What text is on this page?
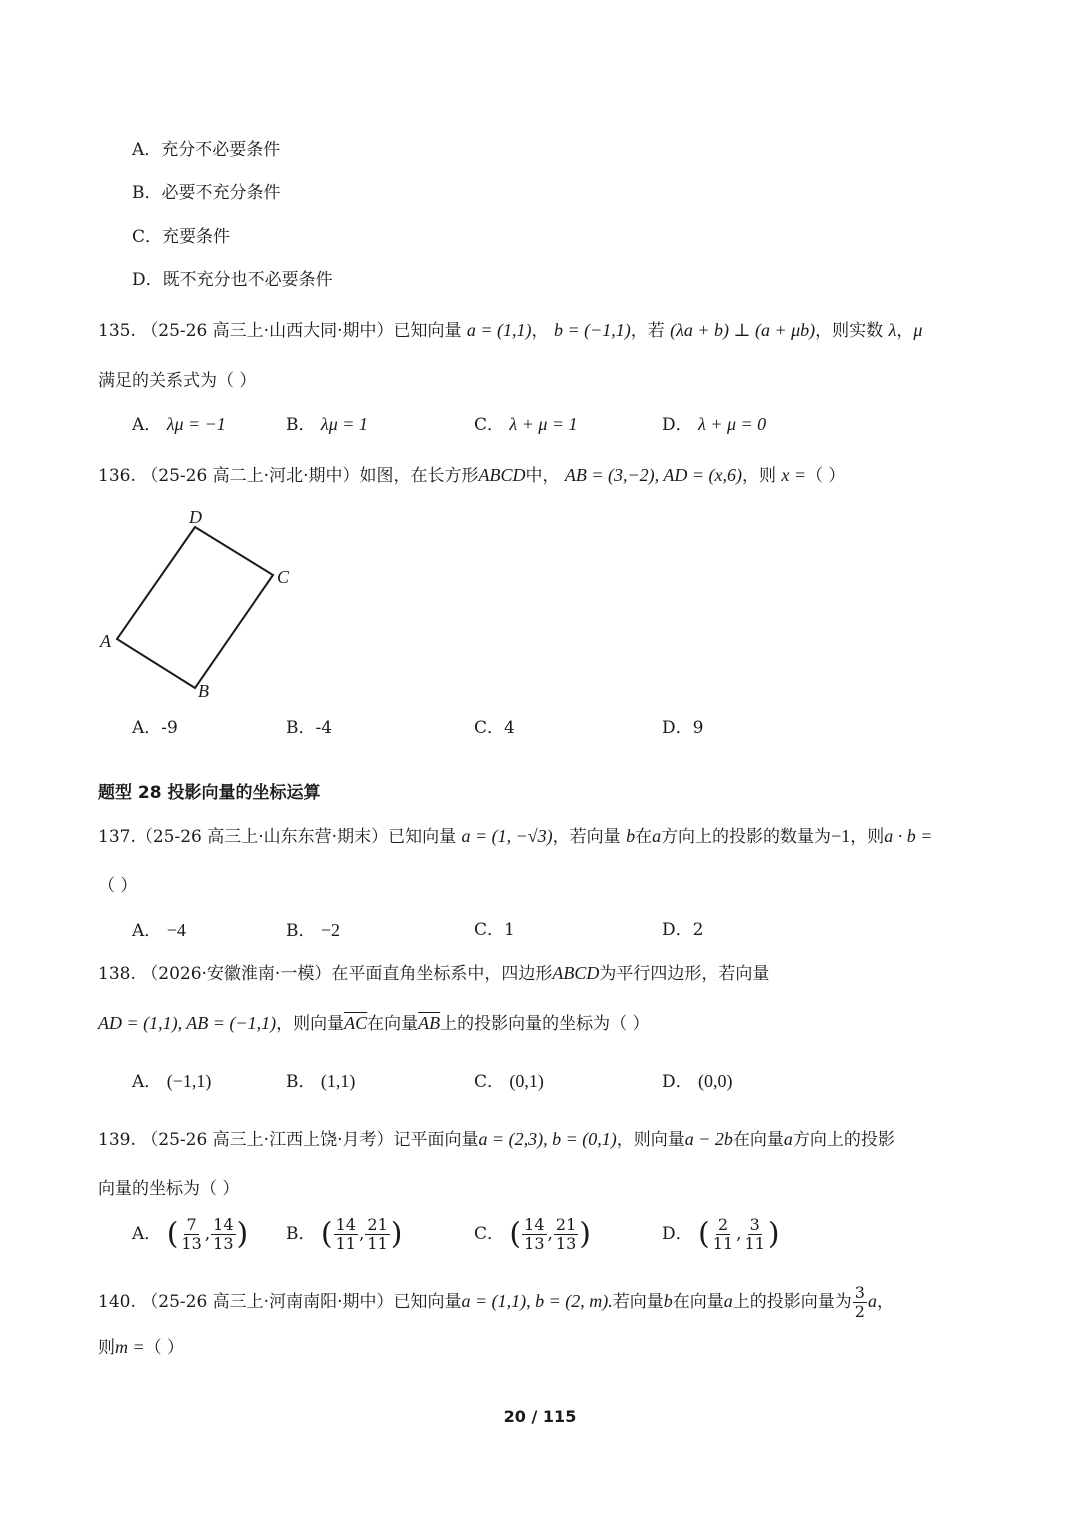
A．充分不必要条件
B．必要不充分条件
C．充要条件
D．既不充分也不必要条件
135. （25-26 高三上·山西大同·期中）已知向量 a = (1,1)， b = (−1,1)，若 (λa + b) ⊥ (a + μb)，则实数 λ，μ
满足的关系式为（ ）
A． λμ = −1	B． λμ = 1	C． λ + μ = 1	D． λ + μ = 0
136. （25-26 高二上·河北·期中）如图，在长方形ABCD中， AB = (3,−2), AD = (x,6)，则 x =（ ）
D
C
A
B
A．-9	B．-4	C．4	D．9
题型 28 投影向量的坐标运算
137.（25-26 高三上·山东东营·期末）已知向量 a = (1, −√3)，若向量 b在a方向上的投影的数量为−1，则a · b =
（ ）
A． −4	B． −2	C．1	D．2
138. （2026·安徽淮南·一模）在平面直角坐标系中，四边形ABCD为平行四边形，若向量
AD = (1,1), AB = (−1,1)，则向量$\overline{AC}$在向量$\overline{AB}$上的投影向量的坐标为（ ）
A． (−1,1)	B． (1,1)	C． (0,1)	D． (0,0)
139. （25-26 高三上·江西上饶·月考）记平面向量a = (2,3), b = (0,1)，则向量a − 2b在向量a方向上的投影
向量的坐标为（ ）
A． ( $\frac{7}{13}$ , $\frac{14}{13}$ ) B． ( $\frac{14}{11}$ , $\frac{21}{11}$ )	C． ( $\frac{14}{13}$ , $\frac{21}{13}$ )	D． ( $\frac{2}{11}$ , $\frac{3}{11}$ )
140. （25-26 高三上·河南南阳·期中）已知向量a = (1,1), b = (2, m).若向量b在向量a上的投影向量为 $\frac{3}{2}$ a，
则m =（ ）
20 / 115
